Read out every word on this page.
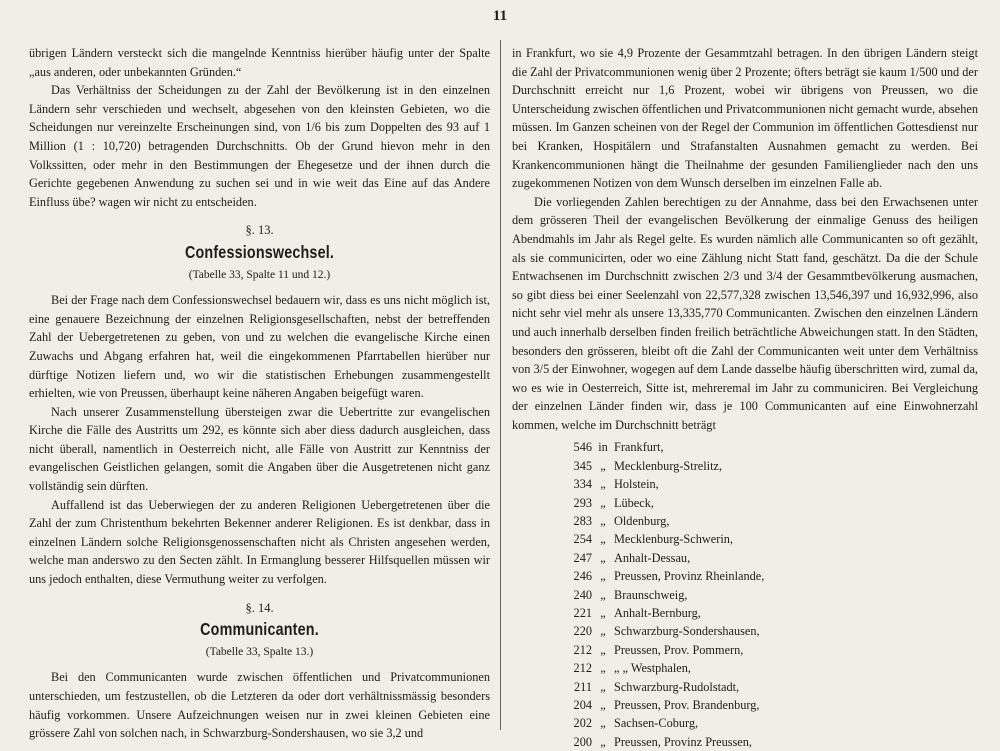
11

übrigen Ländern versteckt sich die mangelnde Kenntniss hierüber häufig unter der Spalte „aus anderen, oder unbekannten Gründen.“

Das Verhältniss der Scheidungen zu der Zahl der Bevölkerung ist in den einzelnen Ländern sehr verschieden und wechselt, abgesehen von den kleinsten Gebieten, wo die Scheidungen nur vereinzelte Erscheinungen sind, von 1/6 bis zum Doppelten des 93 auf 1 Million (1 : 10,720) betragenden Durchschnitts. Ob der Grund hievon mehr in den Volkssitten, oder mehr in den Bestimmungen der Ehegesetze und der ihnen durch die Gerichte gegebenen Anwendung zu suchen sei und in wie weit das Eine auf das Andere Einfluss übe? wagen wir nicht zu entscheiden.

§. 13.
Confessionswechsel.
(Tabelle 33, Spalte 11 und 12.)

Bei der Frage nach dem Confessionswechsel bedauern wir, dass es uns nicht möglich ist, eine genauere Bezeichnung der einzelnen Religionsgesellschaften, nebst der betreffenden Zahl der Uebergetretenen zu geben, von und zu welchen die evangelische Kirche einen Zuwachs und Abgang erfahren hat, weil die eingekommenen Pfarrtabellen hierüber nur dürftige Notizen liefern und, wo wir die statistischen Erhebungen zusammengestellt erhielten, wie von Preussen, überhaupt keine näheren Angaben beigefügt waren.

Nach unserer Zusammenstellung übersteigen zwar die Uebertritte zur evangelischen Kirche die Fälle des Austritts um 292, es könnte sich aber diess dadurch ausgleichen, dass nicht überall, namentlich in Oesterreich nicht, alle Fälle von Austritt zur Kenntniss der evangelischen Geistlichen gelangen, somit die Angaben über die Ausgetretenen nicht ganz vollständig sein dürften.

Auffallend ist das Ueberwiegen der zu anderen Religionen Uebergetretenen über die Zahl der zum Christenthum bekehrten Bekenner anderer Religionen. Es ist denkbar, dass in einzelnen Ländern solche Religionsgenossenschaften nicht als Christen angesehen werden, welche man anderswo zu den Secten zählt. In Ermanglung besserer Hilfsquellen müssen wir uns jedoch enthalten, diese Vermuthung weiter zu verfolgen.

§. 14.
Communicanten.
(Tabelle 33, Spalte 13.)

Bei den Communicanten wurde zwischen öffentlichen und Privatcommunionen unterschieden, um festzustellen, ob die Letzteren da oder dort verhältnissmässig besonders häufig vorkommen. Unsere Aufzeichnungen weisen nur in zwei kleinen Gebieten eine grössere Zahl von solchen nach, in Schwarzburg-Sondershausen, wo sie 3,2 und

in Frankfurt, wo sie 4,9 Prozente der Gesammtzahl betragen. In den übrigen Ländern steigt die Zahl der Privatcommunionen wenig über 2 Prozente; öfters beträgt sie kaum 1/500 und der Durchschnitt erreicht nur 1,6 Prozent, wobei wir übrigens von Preussen, wo die Unterscheidung zwischen öffentlichen und Privatcommunionen nicht gemacht wurde, absehen müssen. Im Ganzen scheinen von der Regel der Communion im öffentlichen Gottesdienst nur bei Kranken, Hospitälern und Strafanstalten Ausnahmen gemacht zu werden. Bei Krankencommunionen hängt die Theilnahme der gesunden Familienglieder nach den uns zugekommenen Notizen von dem Wunsch derselben im einzelnen Falle ab.

Die vorliegenden Zahlen berechtigen zu der Annahme, dass bei den Erwachsenen unter dem grösseren Theil der evangelischen Bevölkerung der einmalige Genuss des heiligen Abendmahls im Jahr als Regel gelte. Es wurden nämlich alle Communicanten so oft gezählt, als sie communicirten, oder wo eine Zählung nicht Statt fand, geschätzt. Da die der Schule Entwachsenen im Durchschnitt zwischen 2/3 und 3/4 der Gesammtbevölkerung ausmachen, so gibt diess bei einer Seelenzahl von 22,577,328 zwischen 13,546,397 und 16,932,996, also nicht sehr viel mehr als unsere 13,335,770 Communicanten. Zwischen den einzelnen Ländern und auch innerhalb derselben finden freilich beträchtliche Abweichungen statt. In den Städten, besonders den grösseren, bleibt oft die Zahl der Communicanten weit unter dem Verhältniss von 3/5 der Einwohner, wogegen auf dem Lande dasselbe häufig überschritten wird, zumal da, wo es wie in Oesterreich, Sitte ist, mehreremal im Jahr zu communiciren. Bei Vergleichung der einzelnen Länder finden wir, dass je 100 Communicanten auf eine Einwohnerzahl kommen, welche im Durchschnitt beträgt

546 in Frankfurt,
345 „ Mecklenburg-Strelitz,
334 „ Holstein,
293 „ Lübeck,
283 „ Oldenburg,
254 „ Mecklenburg-Schwerin,
247 „ Anhalt-Dessau,
246 „ Preussen, Provinz Rheinlande,
240 „ Braunschweig,
221 „ Anhalt-Bernburg,
220 „ Schwarzburg-Sondershausen,
212 „ Preussen, Prov. Pommern,
212 „ „ „ Westphalen,
211 „ Schwarzburg-Rudolstadt,
204 „ Preussen, Prov. Brandenburg,
202 „ Sachsen-Coburg,
200 „ Preussen, Provinz Preussen,
